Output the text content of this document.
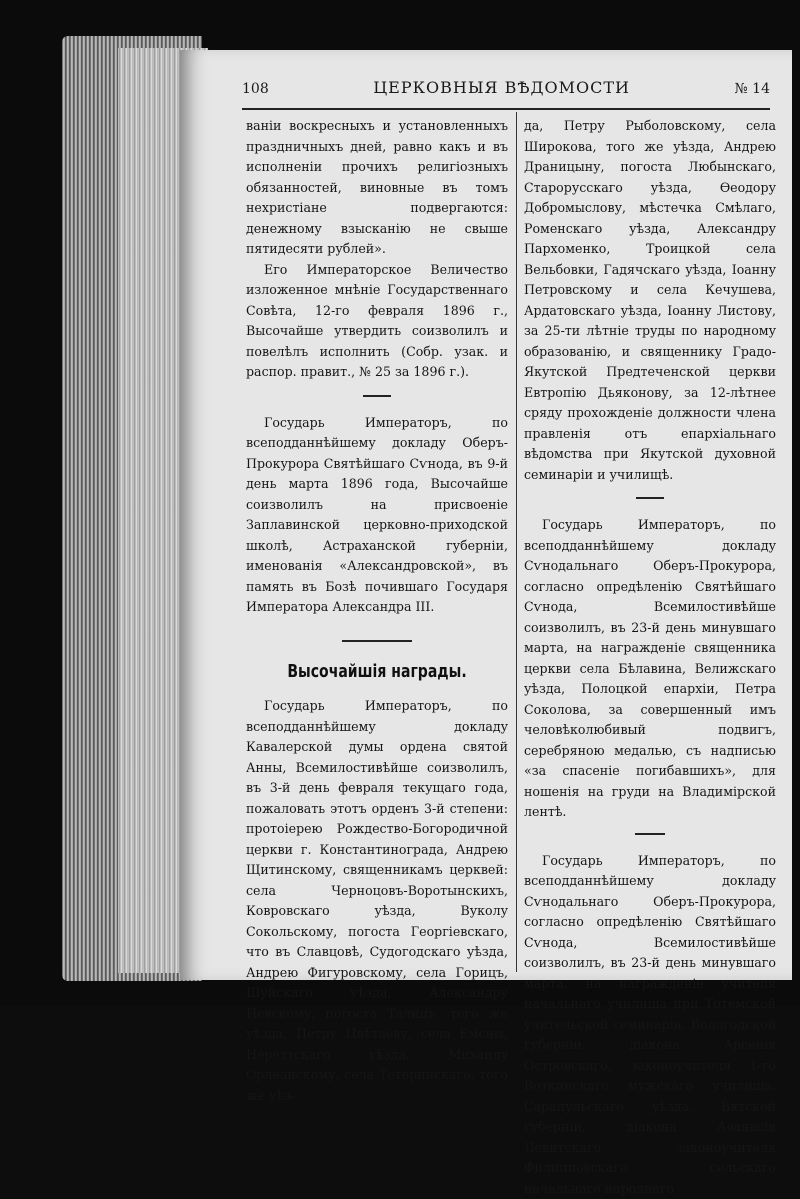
108	ЦЕРКОВНЫЯ ВѢДОМОСТИ	№ 14

ваніи воскресныхъ и установленныхъ праздничныхъ дней, равно какъ и въ исполненіи прочихъ религіозныхъ обязанностей, виновные въ томъ нехристіане подвергаются: денежному взысканію не свыше пятидесяти рублей».

Его Императорское Величество изложенное мнѣніе Государственнаго Совѣта, 12-го февраля 1896 г., Высочайше утвердить соизволилъ и повелѣлъ исполнить (Собр. узак. и распор. правит., № 25 за 1896 г.).

Государь Императоръ, по всеподданнѣйшему докладу Оберъ-Прокурора Святѣйшаго Сѵнода, въ 9-й день марта 1896 года, Высочайше соизволилъ на присвоеніе Заплавинской церковно-приходской школѣ, Астраханской губерніи, именованія «Александровской», въ память въ Бозѣ почившаго Государя Императора Александра III.

Высочайшія награды.

Государь Императоръ, по всеподданнѣйшему докладу Кавалерской думы ордена святой Анны, Всемилостивѣйше соизволилъ, въ 3-й день февраля текущаго года, пожаловать этотъ орденъ 3-й степени: протоіерею Рождество-Богородичной церкви г. Константинограда, Андрею Щитинскому, священникамъ церквей: села Черноцовъ-Воротынскихъ, Ковровскаго уѣзда, Вуколу Сокольскому, погоста Георгіевскаго, что въ Славцовѣ, Судогодскаго уѣзда, Андрею Фигуровскому, села Горицъ, Шуйскаго уѣзда, Александру Невскому, погоста Талицъ, того же уѣзда, Петру Цвѣтаеву, села Емсны, Нерехтскаго уѣзда, Михаилу Орлеанскому, села Тетеринскаго, того же уѣз-

да, Петру Рыболовскому, села Широкова, того же уѣзда, Андрею Драницыну, погоста Любынскаго, Старорусскаго уѣзда, Ѳеодору Добромыслову, мѣстечка Смѣлаго, Роменскаго уѣзда, Александру Пархоменко, Троицкой села Вельбовки, Гадячскаго уѣзда, Іоанну Петровскому и села Кечушева, Ардатовскаго уѣзда, Іоанну Листову, за 25-ти лѣтніе труды по народному образованію, и священнику Градо-Якутской Предтеченской церкви Евтропію Дьяконову, за 12-лѣтнее сряду прохожденіе должности члена правленія отъ епархіальнаго вѣдомства при Якутской духовной семинаріи и училищѣ.

Государь Императоръ, по всеподданнѣйшему докладу Сѵнодальнаго Оберъ-Прокурора, согласно опредѣленію Святѣйшаго Сѵнода, Всемилостивѣйше соизволилъ, въ 23-й день минувшаго марта, на награжденіе священника церкви села Бѣлавина, Велижскаго уѣзда, Полоцкой епархіи, Петра Соколова, за совершенный имъ человѣколюбивый подвигъ, серебряною медалью, съ надписью «за спасеніе погибавшихъ», для ношенія на груди на Владимірской лентѣ.

Государь Императоръ, по всеподданнѣйшему докладу Сѵнодальнаго Оберъ-Прокурора, согласно опредѣленію Святѣйшаго Сѵнода, Всемилостивѣйше соизволилъ, въ 23-й день минувшаго марта, на награжденіе учителя начальнаго училища при Тотемской учительской семинаріи, Вологодской губерніи, діакона Арсенія Островскаго, законоучителя 1-го Воткинскаго мужскаго училища, Сарапульскаго уѣзда, Вятской губерніи, діакона Аѳанасія Левитскаго, законоучителя Филипповскаго сельскаго начальнаго народнаго
